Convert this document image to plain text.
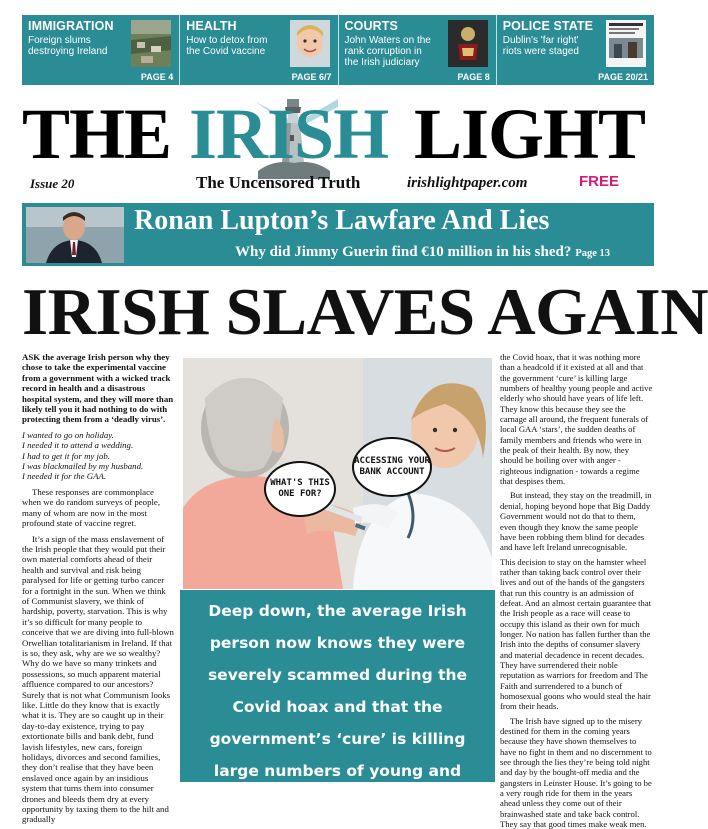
IMMIGRATION
Foreign slums destroying Ireland
PAGE 4
HEALTH
How to detox from the Covid vaccine
PAGE 6/7
COURTS
John Waters on the rank corruption in the Irish judiciary
PAGE 8
POLICE STATE
Dublin's 'far right' riots were staged
PAGE 20/21
THE IRISH LIGHT
Issue 20	The Uncensored Truth	irishlightpaper.com	FREE
Ronan Lupton’s Lawfare And Lies
Why did Jimmy Guerin find €10 million in his shed? Page 13
IRISH SLAVES AGAIN

ASK the average Irish person why they chose to take the experimental vaccine from a government with a wicked track record in health and a disastrous hospital system, and they will more than likely tell you it had nothing to do with protecting them from a ‘deadly virus’.

I wanted to go on holiday.

I needed it to attend a wedding.

I had to get it for my job.

I was blackmailed by my husband.

I needed it for the GAA.

These responses are commonplace when we do random surveys of people, many of whom are now in the most profound state of vaccine regret.

It’s a sign of the mass enslavement of the Irish people that they would put their own material comforts ahead of their health and survival and risk being paralysed for life or getting turbo cancer for a fortnight in the sun. When we think of Communist slavery, we think of hardship, poverty, starvation. This is why it’s so difficult for many people to conceive that we are diving into full-blown Orwellian totalitarianism in Ireland. If that is so, they ask, why are we so wealthy? Why do we have so many trinkets and possessions, so much apparent material affluence compared to our ancestors? Surely that is not what Communism looks like. Little do they know that is exactly what it is. They are so caught up in their day-to-day existence, trying to pay extortionate bills and bank debt, fund lavish lifestyles, new cars, foreign holidays, divorces and second families, they don’t realise that they have been enslaved once again by an insidious system that turns them into consumer drones and bleeds them dry at every opportunity by taxing them to the hilt and gradually

WHAT'S THIS ONE FOR?
ACCESSING YOUR BANK ACCOUNT
Deep down, the average Irish person now knows they were severely scammed during the Covid hoax and that the government’s ‘cure’ is killing large numbers of young and healthy people. They

the Covid hoax, that it was nothing more than a headcold if it existed at all and that the government ‘cure’ is killing large numbers of healthy young people and active elderly who should have years of life left. They know this because they see the carnage all around, the frequent funerals of local GAA ‘stars’, the sudden deaths of family members and friends who were in the peak of their health. By now, they should be boiling over with anger - righteous indignation - towards a regime that despises them.

But instead, they stay on the treadmill, in denial, hoping beyond hope that Big Daddy Government would not do that to them, even though they know the same people have been robbing them blind for decades and have left Ireland unrecognisable.

This decision to stay on the hamster wheel rather than taking back control over their lives and out of the hands of the gangsters that run this country is an admission of defeat. And an almost certain guarantee that the Irish people as a race will cease to occupy this island as their own for much longer. No nation has fallen further than the Irish into the depths of consumer slavery and material decadence in recent decades. They have surrendered their noble reputation as warriors for freedom and The Faith and surrendered to a bunch of homosexual goons who would steal the hair from their heads.

The Irish have signed up to the misery destined for them in the coming years because they have shown themselves to have no fight in them and no discernment to see through the lies they’re being told night and day by the bought-off media and the gangsters in Leinster House. It’s going to be a very rough ride for them in the years ahead unless they come out of their brainwashed state and take back control. They say that good times make weak men.
